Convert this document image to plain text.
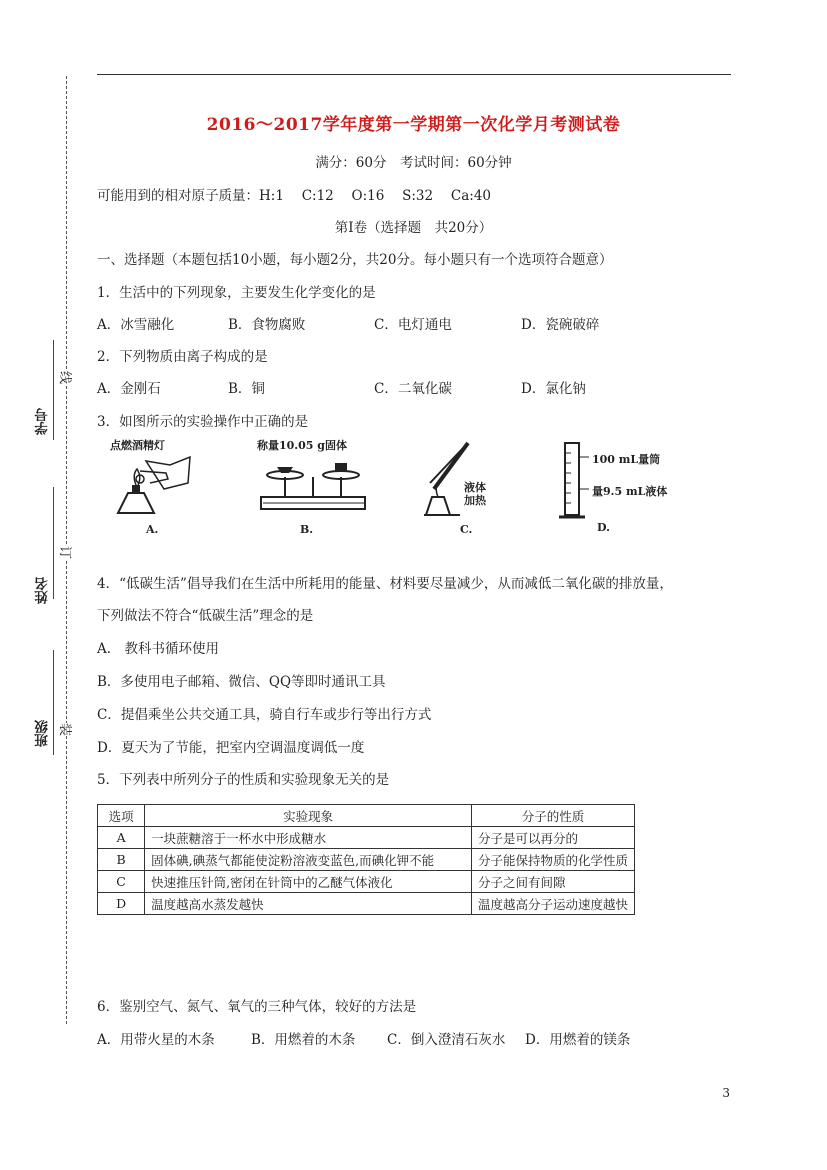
2016～2017学年度第一学期第一次化学月考测试卷
满分：60分　考试时间：60分钟
可能用到的相对原子质量：H:1　 C:12　 O:16　 S:32　 Ca:40
第Ⅰ卷（选择题　共20分）
一、选择题（本题包括10小题，每小题2分，共20分。每小题只有一个选项符合题意）
学号
姓名
班级
线
订
装
1．生活中的下列现象，主要发生化学变化的是
A．冰雪融化	B．食物腐败	C．电灯通电	D．瓷碗破碎
2．下列物质由离子构成的是
A．金刚石	B．铜	C．二氧化碳	D．氯化钠
3．如图所示的实验操作中正确的是
点燃酒精灯
A.
称量10.05 g固体
B.
液体
加热
C.
100 mL量筒
量9.5 mL液体
D.
4．“低碳生活”倡导我们在生活中所耗用的能量、材料要尽量减少，从而减低二氧化碳的排放量，
下列做法不符合“低碳生活”理念的是
A． 教科书循环使用
B．多使用电子邮箱、微信、QQ等即时通讯工具
C．提倡乘坐公共交通工具，骑自行车或步行等出行方式
D．夏天为了节能，把室内空调温度调低一度
5．下列表中所列分子的性质和实验现象无关的是
选项	实验现象	分子的性质
A	一块蔗糖溶于一杯水中形成糖水	分子是可以再分的
B	固体碘,碘蒸气都能使淀粉溶液变蓝色,而碘化钾不能	分子能保持物质的化学性质
C	快速推压针筒,密闭在针筒中的乙醚气体液化	分子之间有间隙
D	温度越高水蒸发越快	温度越高分子运动速度越快
6．鉴别空气、氮气、氧气的三种气体，较好的方法是
A．用带火星的木条	B．用燃着的木条	C．倒入澄清石灰水	D．用燃着的镁条
3
